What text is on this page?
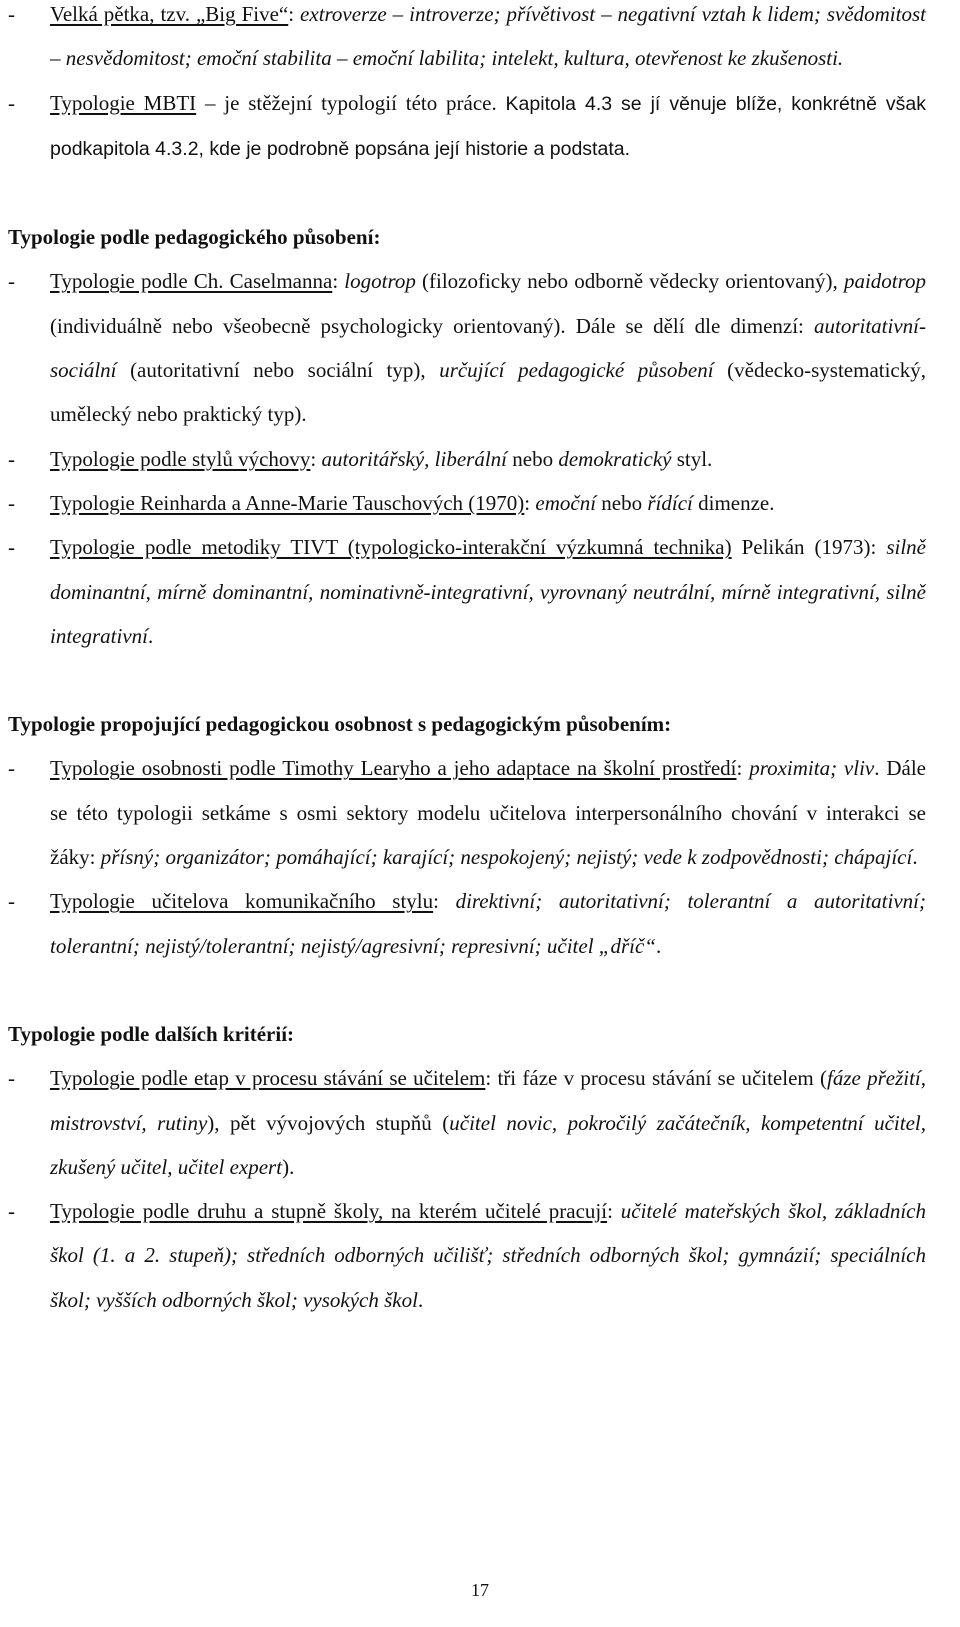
- Velká pětka, tzv. „Big Five“: extroverze – introverze; přívětivost – negativní vztah k lidem; svědomitost – nesvědomitost; emoční stabilita – emoční labilita; intelekt, kultura, otevřenost ke zkušenosti.
- Typologie MBTI – je stěžejní typologií této práce. Kapitola 4.3 se jí věnuje blíže, konkrétně však podkapitola 4.3.2, kde je podrobně popsána její historie a podstata.
Typologie podle pedagogického působení:
- Typologie podle Ch. Caselmanna: logotrop (filozoficky nebo odborně vědecky orientovaný), paidotrop (individuálně nebo všeobecně psychologicky orientovaný). Dále se dělí dle dimenzí: autoritativní-sociální (autoritativní nebo sociální typ), určující pedagogické působení (vědecko-systematický, umělecký nebo praktický typ).
- Typologie podle stylů výchovy: autoritářský, liberální nebo demokratický styl.
- Typologie Reinharda a Anne-Marie Tauschových (1970): emoční nebo řídící dimenze.
- Typologie podle metodiky TIVT (typologicko-interakční výzkumná technika) Pelikán (1973): silně dominantní, mírně dominantní, nominativně-integrativní, vyrovnaný neutrální, mírně integrativní, silně integrativní.
Typologie propojující pedagogickou osobnost s pedagogickým působením:
- Typologie osobnosti podle Timothy Learyho a jeho adaptace na školní prostředí: proximita; vliv. Dále se této typologii setkáme s osmi sektory modelu učitelova interpersonálního chování v interakci se žáky: přísný; organizátor; pomáhající; karající; nespokojený; nejistý; vede k zodpovědnosti; chápající.
- Typologie učitelova komunikačního stylu: direktivní; autoritativní; tolerantní a autoritativní; tolerantní; nejistý/tolerantní; nejistý/agresivní; represivní; učitel „dříč“.
Typologie podle dalších kritérií:
- Typologie podle etap v procesu stávání se učitelem: tři fáze v procesu stávání se učitelem (fáze přežití, mistrovství, rutiny), pět vývojových stupňů (učitel novic, pokročilý začátečník, kompetentní učitel, zkušený učitel, učitel expert).
- Typologie podle druhu a stupně školy, na kterém učitelé pracují: učitelé mateřských škol, základních škol (1. a 2. stupeň); středních odborných učilišť; středních odborných škol; gymnázií; speciálních škol; vyšších odborných škol; vysokých škol.
17
